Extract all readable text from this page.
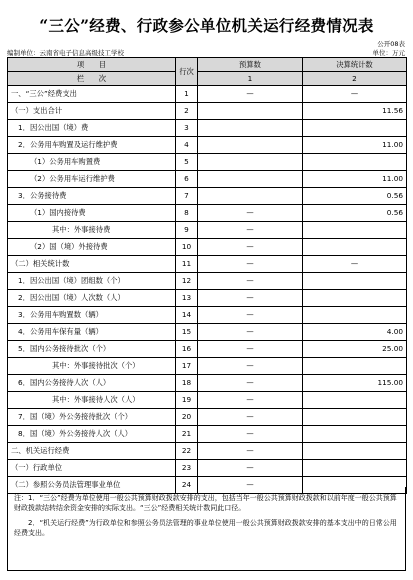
“三公”经费、行政参公单位机关运行经费情况表
公开08表
编制单位：云南省电子信息高级技工学校	单位：万元
项　　目	行次	预算数	决算统计数
栏　　次		1	2
一、“三公”经费支出	1	—	—
（一）支出合计	2		11.56
1．因公出国（境）费	3		
2．公务用车购置及运行维护费	4		11.00
（1）公务用车购置费	5		
（2）公务用车运行维护费	6		11.00
3．公务接待费	7		0.56
（1）国内接待费	8	—	0.56
其中：外事接待费	9	—	
（2）国（境）外接待费	10	—	
（二）相关统计数	11	—	—
1．因公出国（境）团组数（个）	12	—	
2．因公出国（境）人次数（人）	13	—	
3．公务用车购置数（辆）	14	—	
4．公务用车保有量（辆）	15	—	4.00
5．国内公务接待批次（个）	16	—	25.00
其中：外事接待批次（个）	17	—	
6．国内公务接待人次（人）	18	—	115.00
其中：外事接待人次（人）	19	—	
7．国（境）外公务接待批次（个）	20	—	
8．国（境）外公务接待人次（人）	21	—	
二、机关运行经费	22	—	
（一）行政单位	23	—	
（二）参照公务员法管理事业单位	24	—	

注：1．“三公”经费为单位使用一般公共预算财政拨款安排的支出，包括当年一般公共预算财政拨款和以前年度一般公共预算财政拨款结转结余资金安排的实际支出。“三公”经费相关统计数同此口径。

　　2．“机关运行经费”为行政单位和参照公务员法管理的事业单位使用一般公共预算财政拨款安排的基本支出中的日常公用经费支出。
